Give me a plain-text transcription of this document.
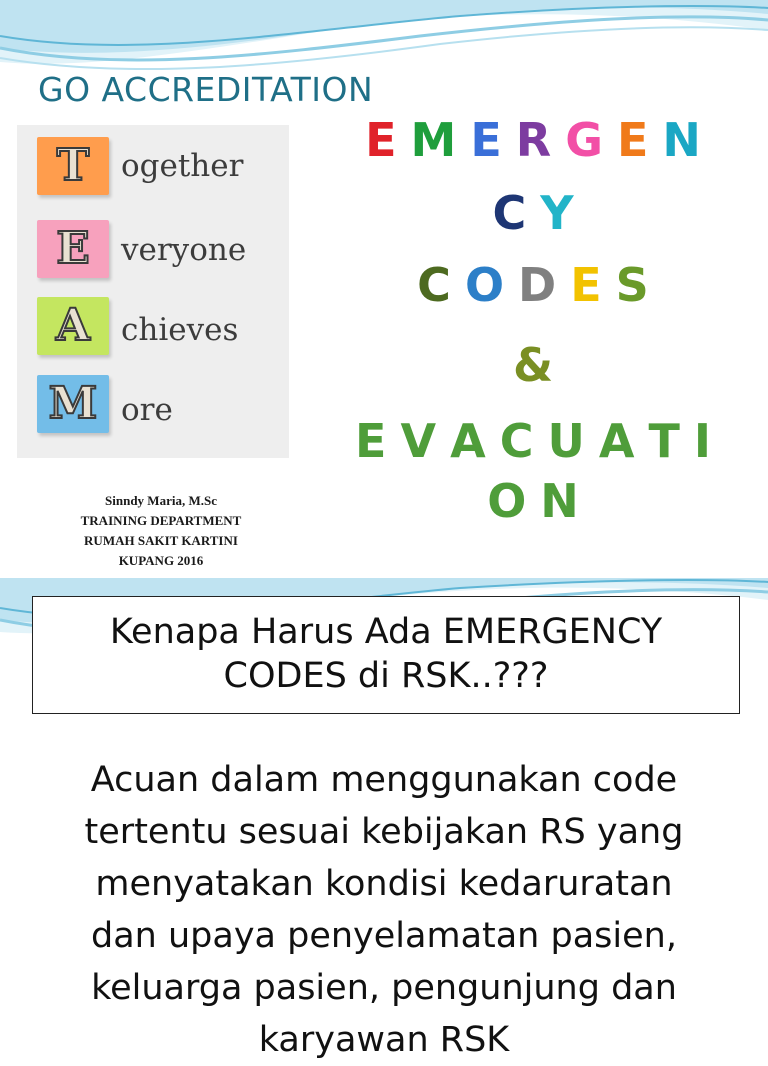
GO ACCREDITATION
T	ogether
E	veryone
A chieves
M ore
Sinndy Maria, M.Sc
TRAINING DEPARTMENT
RUMAH SAKIT KARTINI
KUPANG 2016
E M E R G E N
C Y
C O D E S
&
E V A C U A T I
O N
Kenapa Harus Ada EMERGENCY
CODES di RSK..???
Acuan dalam menggunakan code
tertentu sesuai kebijakan RS yang
menyatakan kondisi kedaruratan
dan upaya penyelamatan pasien,
keluarga pasien, pengunjung dan
karyawan RSK
